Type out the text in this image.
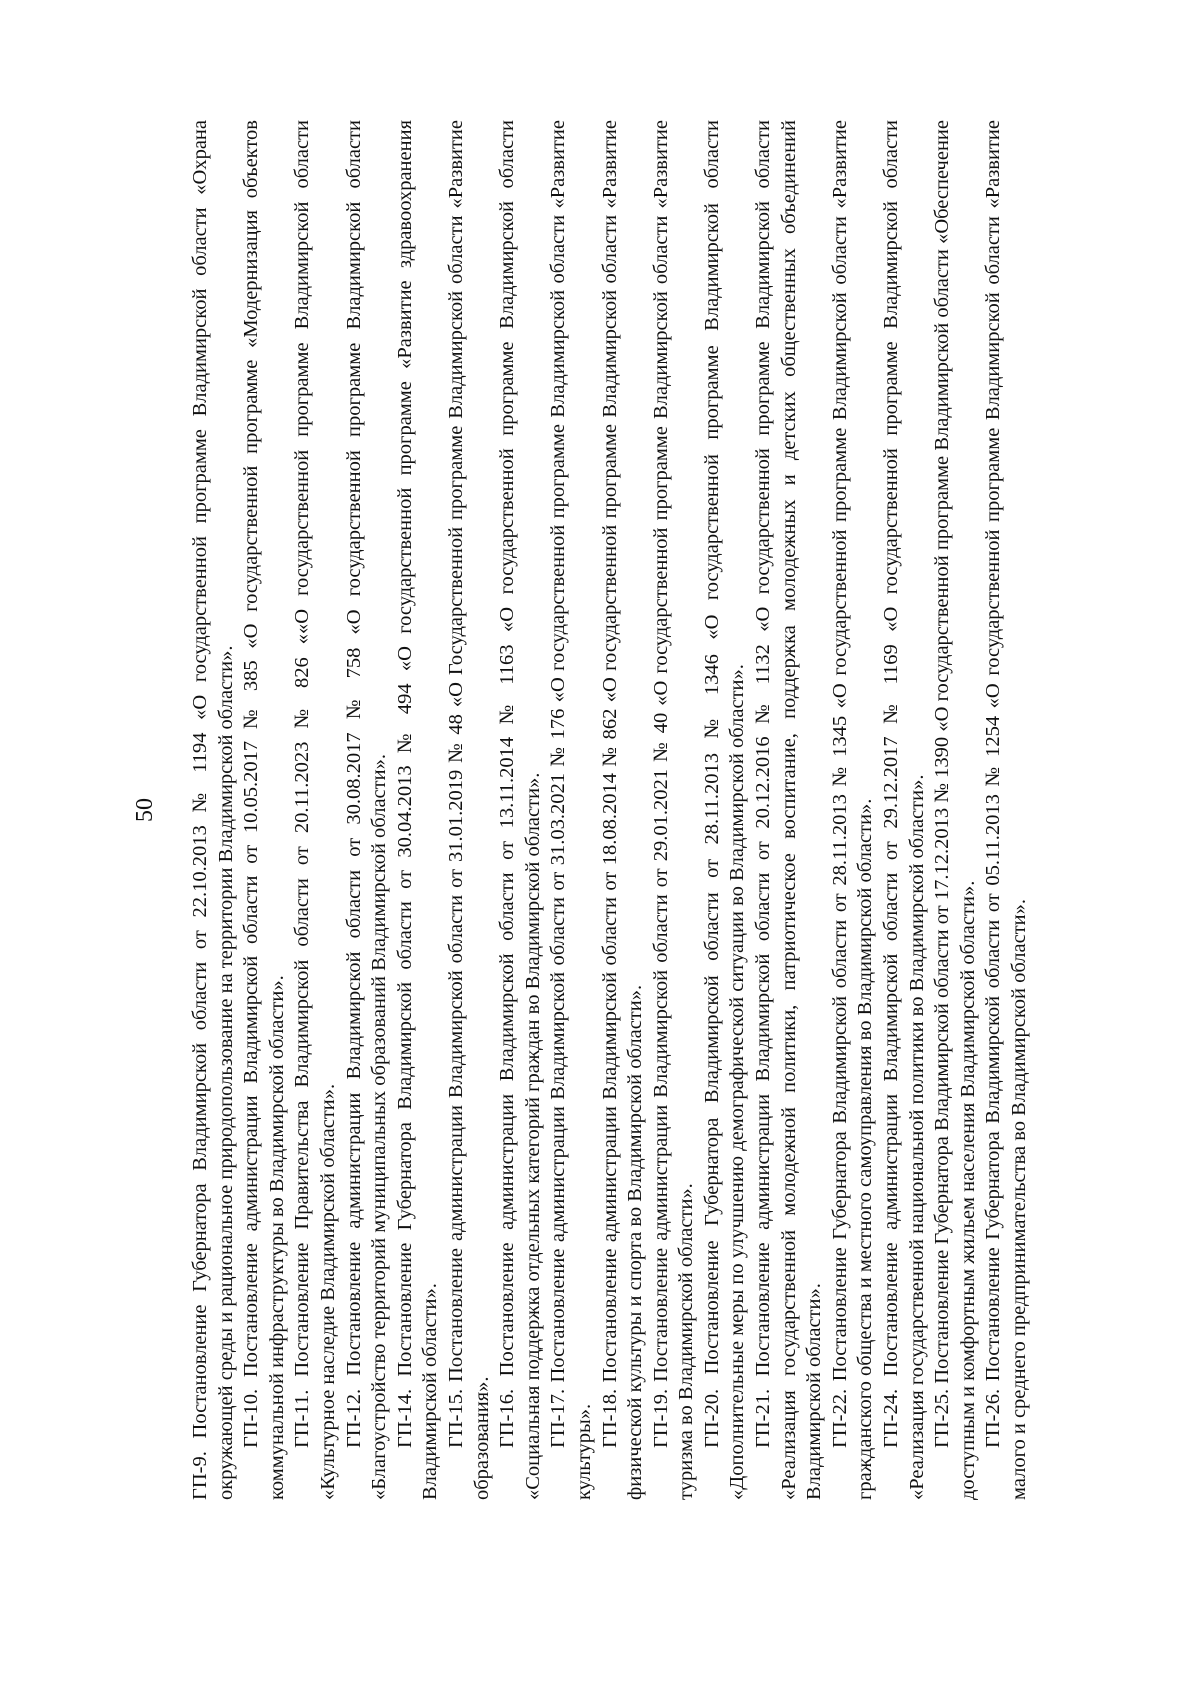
50 ГП-9. Постановление Губернатора Владимирской области от 22.10.2013 № 1194 «О государственной программе Владимирской области «Охрана окружающей среды и рациональное природопользование на территории Владимирской области». ГП-10. Постановление администрации Владимирской области от 10.05.2017 № 385 «О государственной программе «Модернизация объектов коммунальной инфраструктуры во Владимирской области». ГП-11. Постановление Правительства Владимирской области от 20.11.2023 № 826 ««О государственной программе Владимирской области «Культурное наследие Владимирской области». ГП-12. Постановление администрации Владимирской области от 30.08.2017 № 758 «О государственной программе Владимирской области «Благоустройство территорий муниципальных образований Владимирской области». ГП-14. Постановление Губернатора Владимирской области от 30.04.2013 № 494 «О государственной программе «Развитие здравоохранения Владимирской области». ГП-15. Постановление администрации Владимирской области от 31.01.2019 № 48 «О Государственной программе Владимирской области «Развитие образования». ГП-16. Постановление администрации Владимирской области от 13.11.2014 № 1163 «О государственной программе Владимирской области «Социальная поддержка отдельных категорий граждан во Владимирской области». ГП-17. Постановление администрации Владимирской области от 31.03.2021 № 176 «О государственной программе Владимирской области «Развитие культуры».

ГП-18. Постановление администрации Владимирской области от 18.08.2014 № 862 «О государственной программе Владимирской области «Развитие физической культуры и спорта во Владимирской области». ГП-19. Постановление администрации Владимирской области от 29.01.2021 № 40 «О государственной программе Владимирской области «Развитие туризма во Владимирской области». ГП-20. Постановление Губернатора Владимирской области от 28.11.2013 № 1346 «О государственной программе Владимирской области «Дополнительные меры по улучшению демографической ситуации во Владимирской области». ГП-21. Постановление администрации Владимирской области от 20.12.2016 № 1132 «О государственной программе Владимирской области «Реализация государственной молодежной политики, патриотическое воспитание, поддержка молодежных и детских общественных объединений Владимирской области». ГП-22. Постановление Губернатора Владимирской области от 28.11.2013 № 1345 «О государственной программе Владимирской области «Развитие гражданского общества и местного самоуправления во Владимирской области». ГП-24. Постановление администрации Владимирской области от 29.12.2017 № 1169 «О государственной программе Владимирской области «Реализация государственной национальной политики во Владимирской области». ГП-25. Постановление Губернатора Владимирской области от 17.12.2013 № 1390 «О государственной программе Владимирской области «Обеспечение доступным и комфортным жильем населения Владимирской области». ГП-26. Постановление Губернатора Владимирской области от 05.11.2013 № 1254 «О государственной программе Владимирской области «Развитие малого и среднего предпринимательства во Владимирской области».
